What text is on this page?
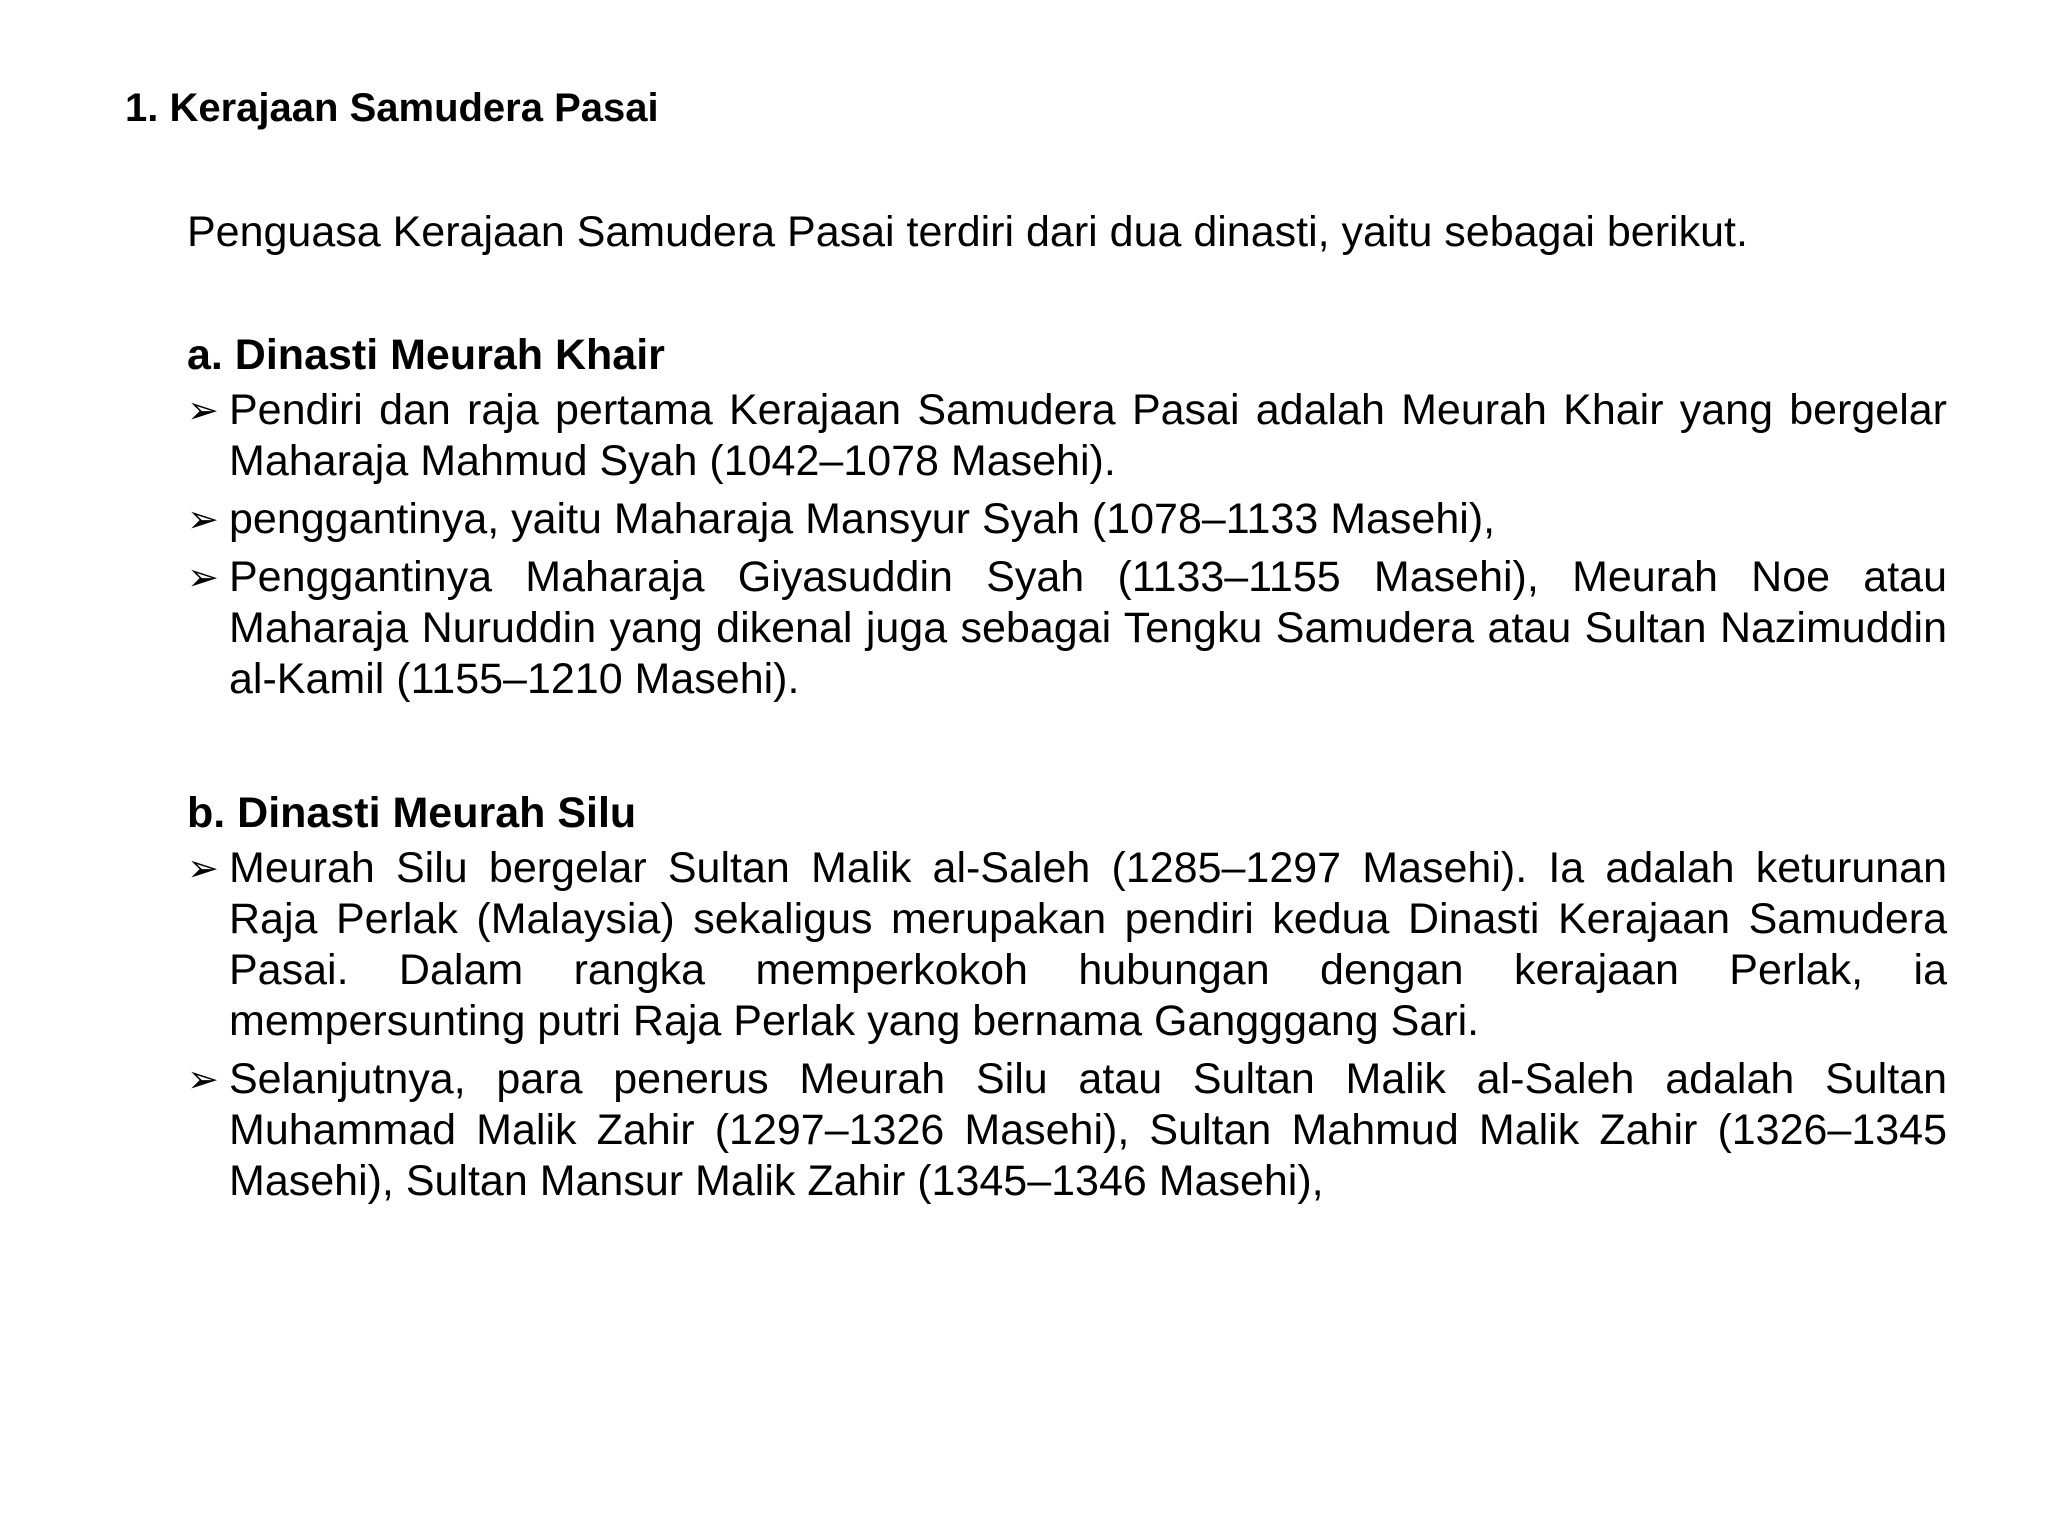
1. Kerajaan Samudera Pasai

Penguasa Kerajaan Samudera Pasai terdiri dari dua dinasti, yaitu sebagai berikut.

a. Dinasti Meurah Khair

➢ Pendiri dan raja pertama Kerajaan Samudera Pasai adalah Meurah Khair yang bergelar Maharaja Mahmud Syah (1042–1078 Masehi).

➢ penggantinya, yaitu Maharaja Mansyur Syah (1078–1133 Masehi),

➢ Penggantinya Maharaja Giyasuddin Syah (1133–1155 Masehi), Meurah Noe atau Maharaja Nuruddin yang dikenal juga sebagai Tengku Samudera atau Sultan Nazimuddin al-Kamil (1155–1210 Masehi).

b. Dinasti Meurah Silu

➢ Meurah Silu bergelar Sultan Malik al-Saleh (1285–1297 Masehi). Ia adalah keturunan Raja Perlak (Malaysia) sekaligus merupakan pendiri kedua Dinasti Kerajaan Samudera Pasai. Dalam rangka memperkokoh hubungan dengan kerajaan Perlak, ia mempersunting putri Raja Perlak yang bernama Gangggang Sari.

➢ Selanjutnya, para penerus Meurah Silu atau Sultan Malik al-Saleh adalah Sultan Muhammad Malik Zahir (1297–1326 Masehi), Sultan Mahmud Malik Zahir (1326–1345 Masehi), Sultan Mansur Malik Zahir (1345–1346 Masehi),
